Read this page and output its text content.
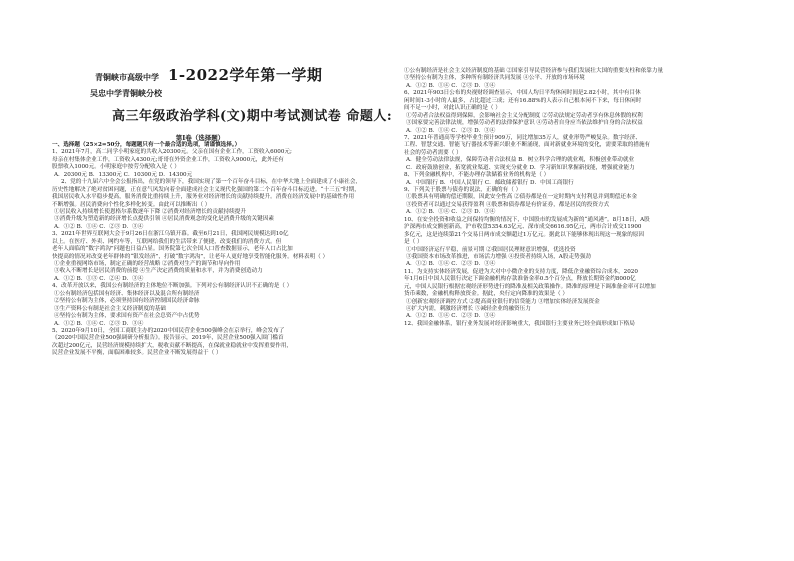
青铜峡市高级中学
吴忠中学青铜峡分校
1-2022学年第一学期
高三年级政治学科(文)期中考试测试卷 命题人:
第Ⅰ卷（选择题）
一、选择题（25×2=50分，每题题只有一个最合适的选项，请谨慎选择。）
1、2021年7月，高二同学小明家庭的共收入20300元。父亲在国有企业工作，工资收入6000元;
母亲在村集体企业工作，工资收入4300元;哥哥在外资企业工作，工资收入9000元，此外还有
股票收入1000元。小明家庭中按劳分配收入是（ ）
A．20300元 B．13300元 C．10300元 D．14300元
2、党的十九届六中全会公报指出，在党的领导下，我国实现了第一个百年奋斗目标，在中华大地上全面建成了小康社会，
历史性地解决了绝对贫困问题，正在意气风发向着全面建成社会主义现代化强国的第二个百年奋斗目标迈进。“十三五”时期，
我国居民收入水平稳步提高，服务消费比重持续上升，服务业对经济增长的贡献持续提升。消费在经济发展中的基础性作用
不断增强。居民消费向个性化多样化转变。由此可以推断出（ ）
①居民收入持续增长使恩格尔系数逐年下降 ②消费对经济增长的贡献持续提升
③消费升级为塑造新的经济增长点提供引领 ④居民消费观念的变化是消费升级的关键因素
A．①② B．①④ C．②③ D．③④
3、2021年世界互联网大会于9月26日在浙江乌镇开幕。截至6月21日，我国网民规模达到10亿
以上。在医疗、外卖、网约车等，互联网给我们的生活带来了便捷，改变我们的消费方式。但
老年人面临的“数字鸿沟”问题也日益凸显。国务院第七次全国人口普查数据显示，老年人口占比加
快提高的情况对改变老年群体的“银发经济”，打破“数字鸿沟”，让老年人更好地享受智能化服务。材料表明（ ）
①企业重视网络市场，制定正确的经营战略 ②消费对生产的调节和导向作用
③收入不断增长是居民消费的前提 ④生产决定消费的质量和水平，并为消费创造动力
A．①② B．①③ C．②④ D．③④
4、改革开放以来，我国公有制经济的主体地位不断加强。下列对公有制经济认识不正确的是（ ）
①公有制经济包括国有经济、集体经济以及混合所有制经济
②坚持公有制为主体，必须坚持国有经济控制国民经济命脉
③生产资料公有制是社会主义经济制度的基础
④坚持公有制为主体，要求国有资产在社会总资产中占优势
A．①② B．①④ C．②③ D．③④
5、2020年9月10日，全国工商联主办的2020中国民营企业500强峰会在京举行，峰会发布了
《2020中国民营企业500强调研分析报告》。报告显示，2019年，民营企业500强入围门槛首
次超过200亿元，民营经济规模持续扩大，税收贡献不断提高，在保就业稳就业中发挥重要作用，
民营企业发展不平衡，面临困难较多。民营企业不断发展得益于（ ）
①公有制经济是社会主义经济制度的基础 ②国家引导民营经济参与我们发展壮大国的重要支柱和依靠力量
③坚持公有制为主体，多种所有制经济共同发展 ④公平、开放的市场环境
A．①② B．①④ C．②③ D．③④
6、2021年903日公布的央视财经调查显示，中国人均日平均休闲时间是2.82小时，其中有目休
闲时间1-3小时的人最多，占比超过三成；还有16.88%的人表示自己根本闲不下来，每日休闲时
间不足一小时，对此认识正确的是（ ）
①劳动者合法权益得到保障，会影响社会主义分配制度 ②劳动法规定劳动者享有休息休假的权利
③国家要完善法律法规，增强劳动者的法律保护意识 ④劳动者自身应当依法维护自身的合法权益
A．①② B．①④ C．②③ D．③④
7、2021年普通高等学校毕业生预计909万，同比增加35万人，就业形势严峻复杂。数字经济、
工程、智慧交通、智能飞行器技术等新兴职业不断涌现，面对新就业环境的变化，需要采取的措施有
社会的劳动者需要（ ）
A．健全劳动法律法规，保障劳动者合法权益 B．树立科学合理的就业观，积极创业带动就业
C．政府鼓励创业，拓宽就业渠道、实现充分就业 D．学习新知识掌握新技能，增强就业能力
8、下列金融机构中，不能办理存款储蓄业务的机构是（ ）
A．中国银行 B．中国人民银行 C．邮政储蓄银行 D．中国工商银行
9、下列关于股票与债券的说法，正确的有（ ）
①股票具有明确的偿还期限，因此安全性高 ②债券都是在一定时期内支付利息并到期偿还本金
③投资者可以通过交易获得盈利 ④股票和债券都是有价证券，都是居民的投资方式
A．①② B．①④ C．②③ D．③④
10、在安全投资和收益之间保持均衡的情况下，中国股市的发展成为新的“通风港”。8月18日，A股
沪深两市成交额创新高，沪市收盘5354.63亿元、深市成交6616.95亿元，两市合计成交11900
多亿元，这是连续第21个交易日两市成交额超过1万亿元。据此以下能够体现出现这一现象的原因
是（ ）
①中国经济运行平稳，前景可期 ②我国居民理财意识增强，优选投资
③我国资本市场改革推进，市场活力增强 ④投资者持续入场，A股走势强劲
A．①② B．①④ C．②③ D．③④
11、为支持实体经济发展，促进为大对中小微企业的支持力度，降低企业融资综合成本，2020
年1月6日中国人民银行决定下调金融机构存款准备金率0.5个百分点，释放长期资金约8000亿
元，中国人民银行根据宏观经济形势进行的降准及相关政策操作。降准的原理是下调准备金率可以增加
货币乘数，金融机构释放资金。据此，央行定向降准的效果是（ ）
①创新宏观经济调控方式 ②提高商业银行的信贷能力 ③增加实体经济发展资金
④扩大内需，刺激经济增长 ⑤减轻企业的融资压力
A．①② B．①④ C．②③ D．③④
12、我国金融体系，银行业务发展对经济影响重大，我国银行主要业务已经全面形成如下格局
